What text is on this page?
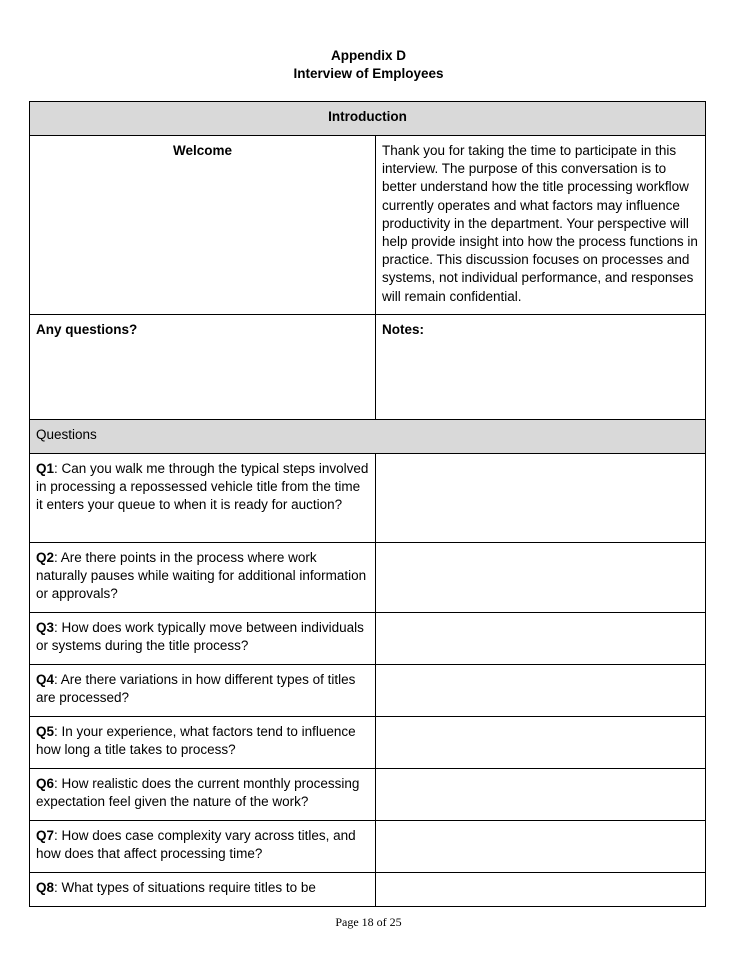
Appendix D
Interview of Employees
Introduction	
Welcome	Thank you for taking the time to participate in this interview. The purpose of this conversation is to better understand how the title processing workflow currently operates and what factors may influence productivity in the department. Your perspective will help provide insight into how the process functions in practice. This discussion focuses on processes and systems, not individual performance, and responses will remain confidential.
Any questions?	Notes:
Questions	
Q1: Can you walk me through the typical steps involved in processing a repossessed vehicle title from the time it enters your queue to when it is ready for auction?	
Q2: Are there points in the process where work naturally pauses while waiting for additional information or approvals?	
Q3: How does work typically move between individuals or systems during the title process?	
Q4: Are there variations in how different types of titles are processed?	
Q5: In your experience, what factors tend to influence how long a title takes to process?	
Q6: How realistic does the current monthly processing expectation feel given the nature of the work?	
Q7: How does case complexity vary across titles, and how does that affect processing time?	
Q8: What types of situations require titles to be	
Page 18 of 25
